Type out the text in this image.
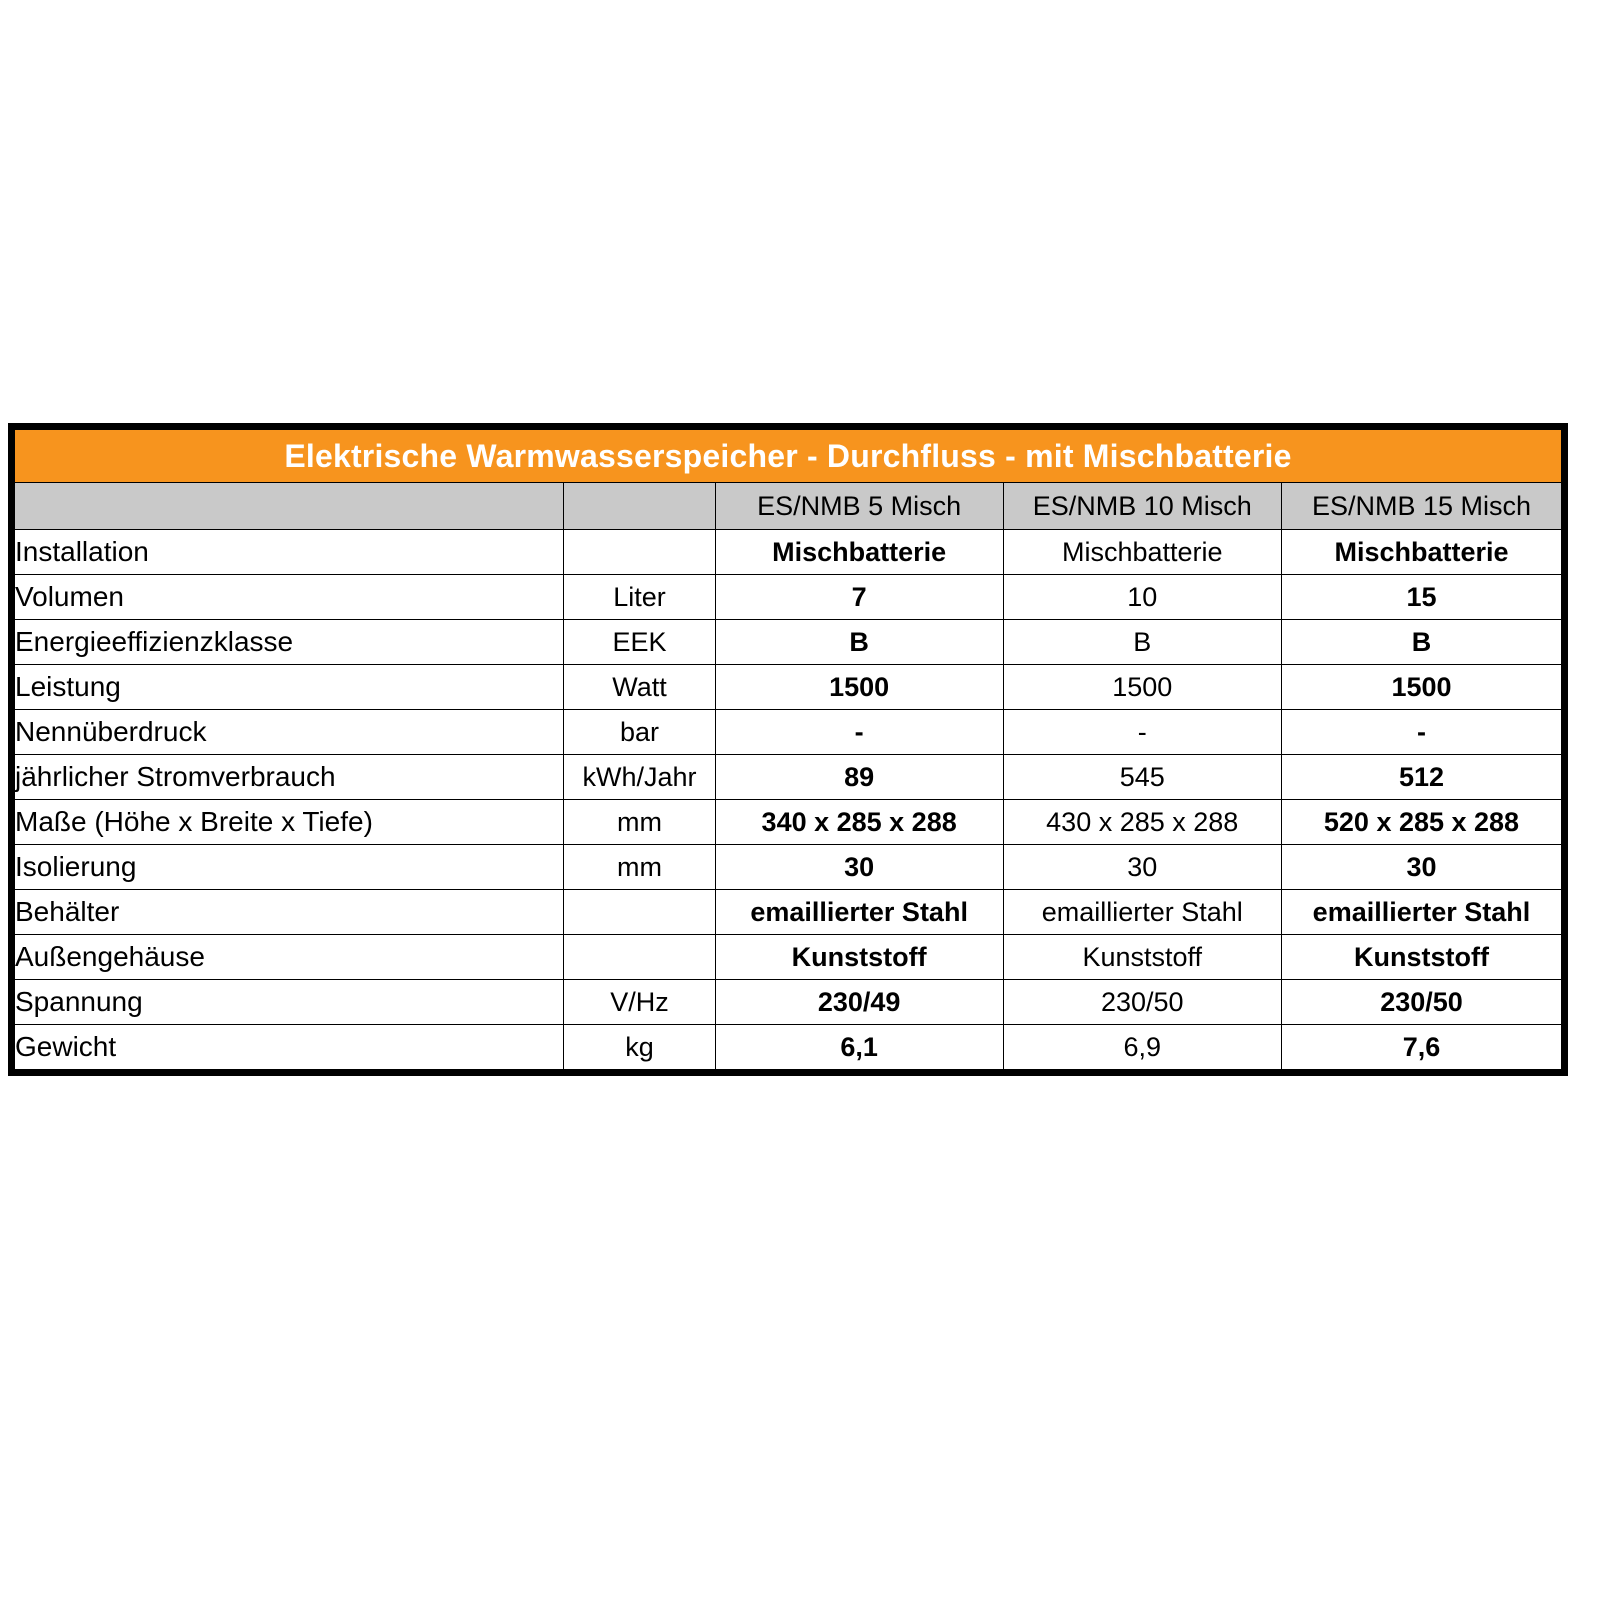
Elektrische Warmwasserspeicher - Durchfluss - mit Mischbatterie				
		ES/NMB 5 Misch	ES/NMB 10 Misch	ES/NMB 15 Misch
Installation		Mischbatterie	Mischbatterie	Mischbatterie
Volumen	Liter	7	10	15
Energieeffizienzklasse	EEK	B	B	B
Leistung	Watt	1500	1500	1500
Nennüberdruck	bar	-	-	-
jährlicher Stromverbrauch	kWh/Jahr	89	545	512
Maße (Höhe x Breite x Tiefe)	mm	340 x 285 x 288	430 x 285 x 288	520 x 285 x 288
Isolierung	mm	30	30	30
Behälter		emaillierter Stahl	emaillierter Stahl	emaillierter Stahl
Außengehäuse		Kunststoff	Kunststoff	Kunststoff
Spannung	V/Hz	230/49	230/50	230/50
Gewicht	kg	6,1	6,9	7,6
